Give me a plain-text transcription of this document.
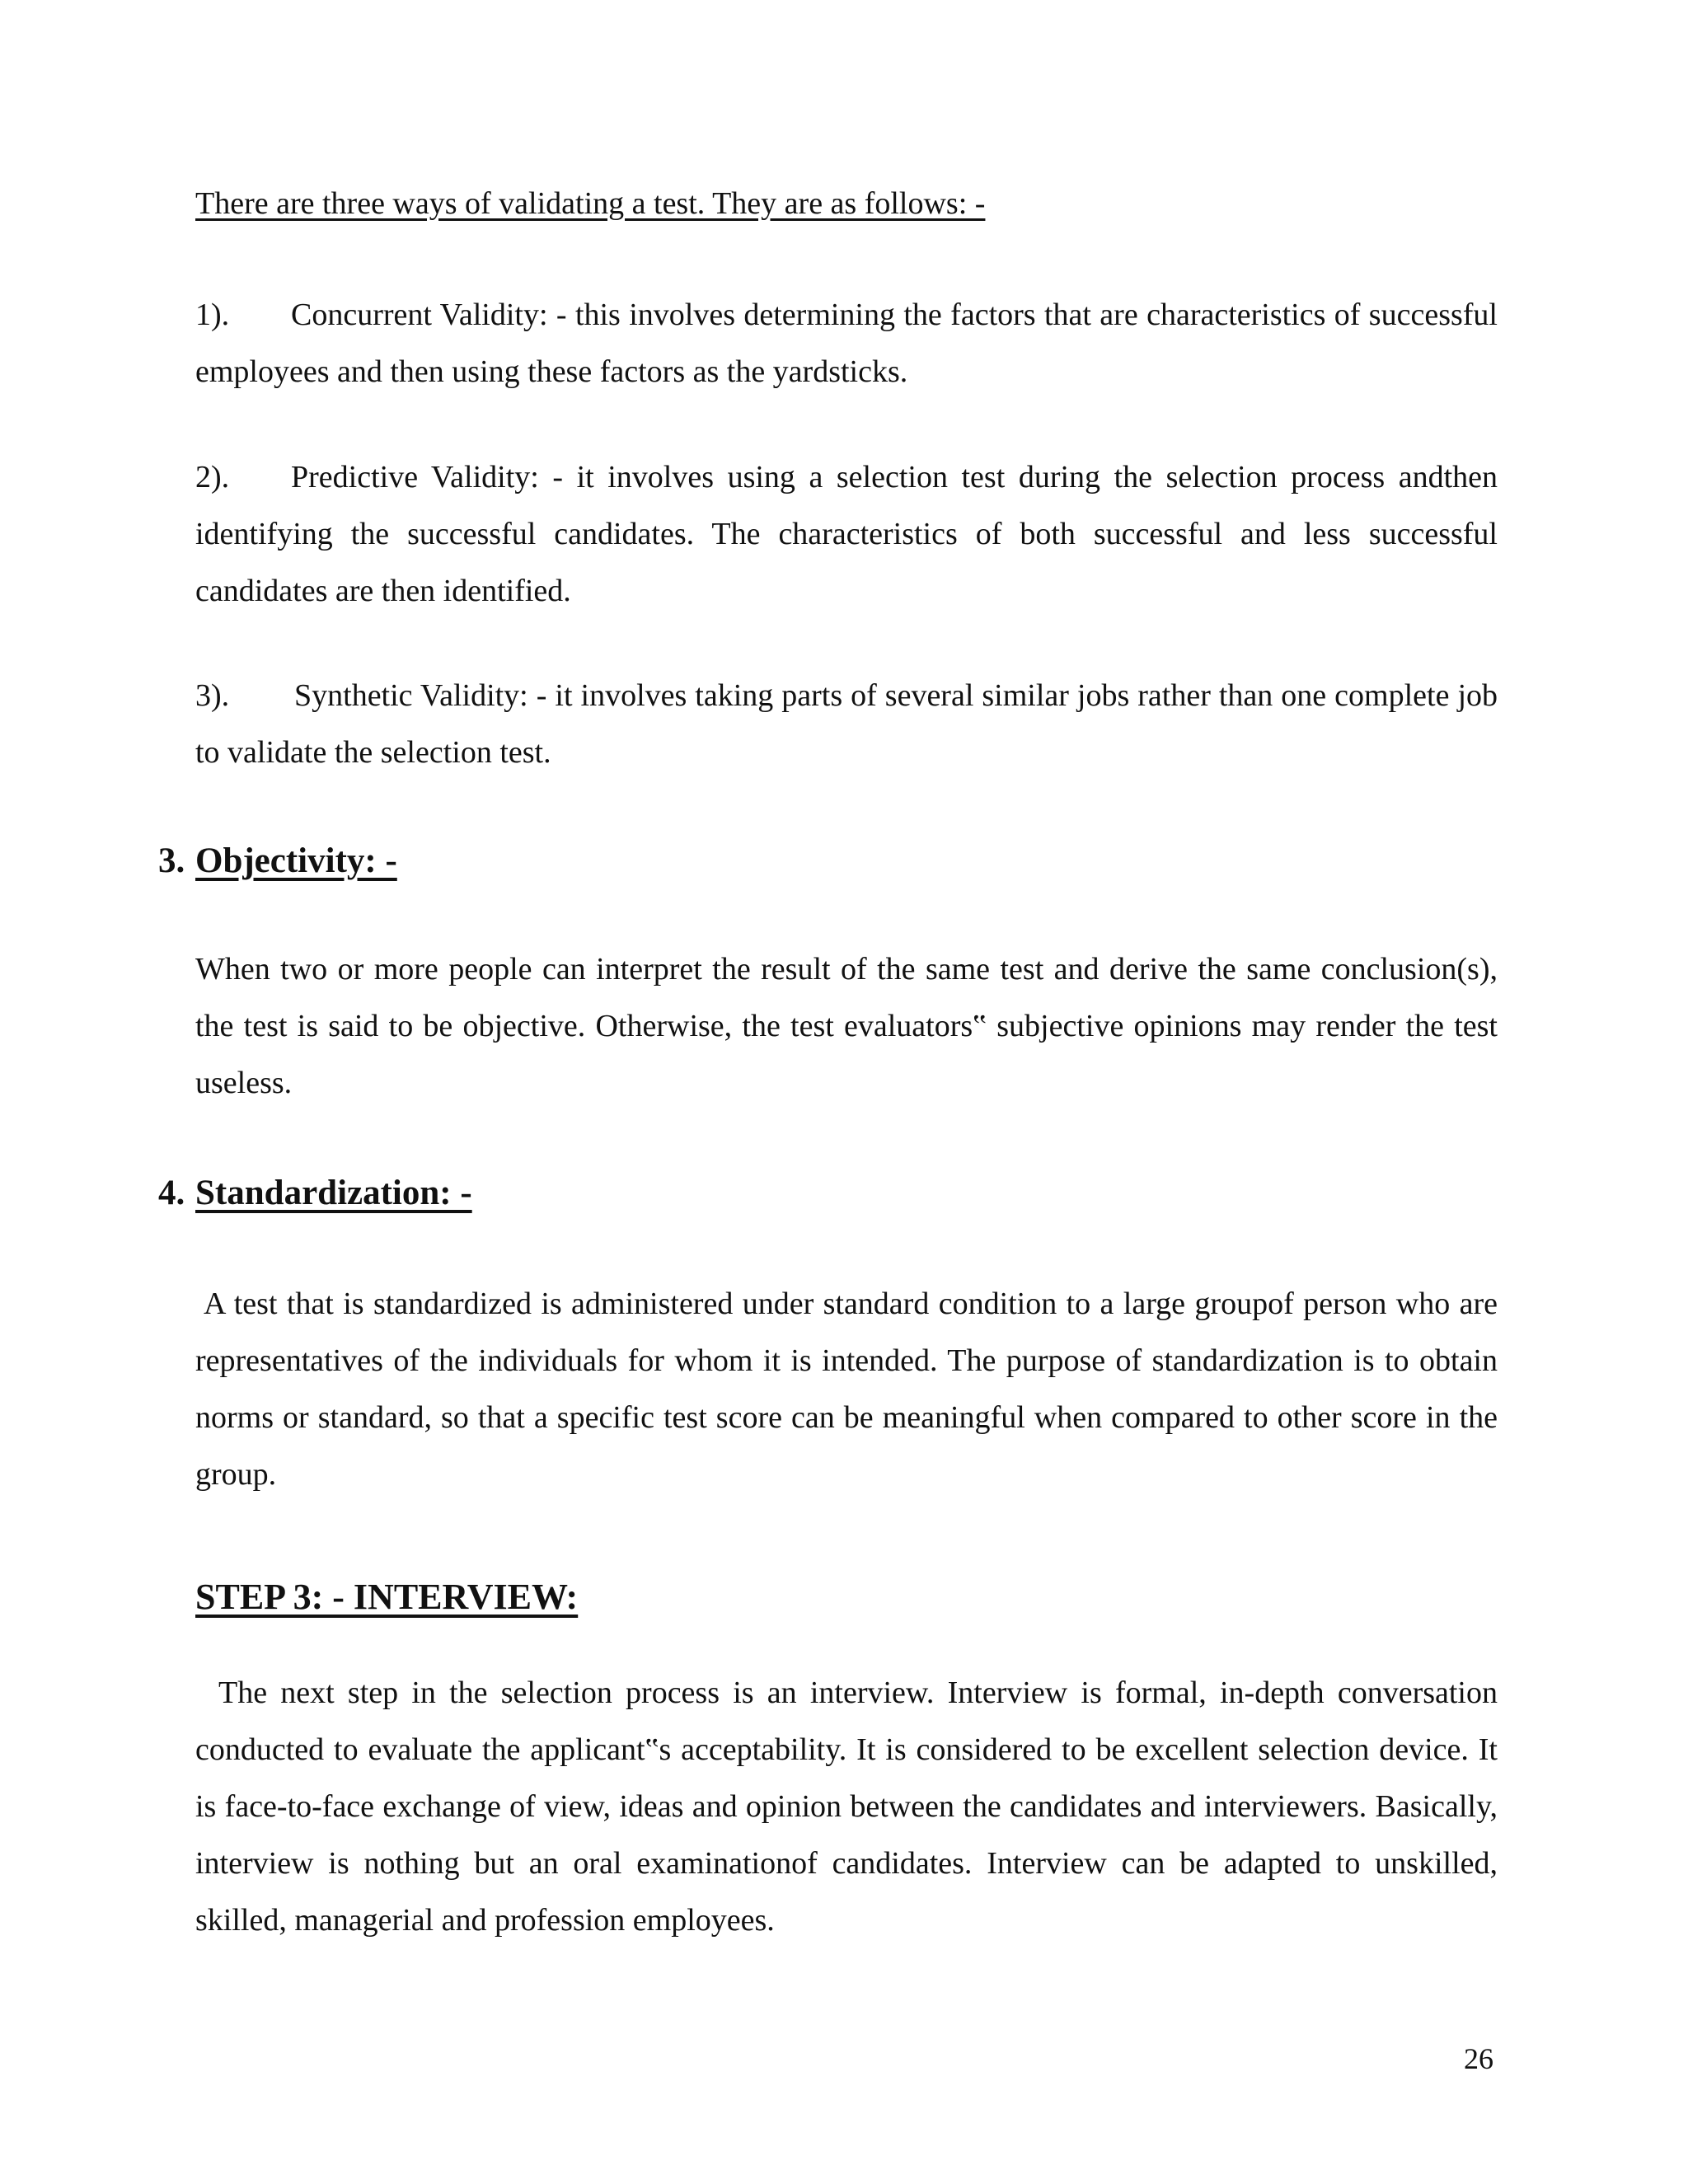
There are three ways of validating a test. They are as follows: -

1). Concurrent Validity: - this involves determining the factors that are characteristics of successful employees and then using these factors as the yardsticks.

2). Predictive Validity: - it involves using a selection test during the selection process andthen identifying the successful candidates. The characteristics of both successful and less successful candidates are then identified.

3). Synthetic Validity: - it involves taking parts of several similar jobs rather than one complete job to validate the selection test.

3. Objectivity: -

When two or more people can interpret the result of the same test and derive the same conclusion(s), the test is said to be objective. Otherwise, the test evaluators‟ subjective opinions may render the test useless.

4. Standardization: -

A test that is standardized is administered under standard condition to a large groupof person who are representatives of the individuals for whom it is intended. The purpose of standardization is to obtain norms or standard, so that a specific test score can be meaningful when compared to other score in the group.

STEP 3: - INTERVIEW:

The next step in the selection process is an interview. Interview is formal, in-depth conversation conducted to evaluate the applicant‟s acceptability. It is considered to be excellent selection device. It is face-to-face exchange of view, ideas and opinion between the candidates and interviewers. Basically, interview is nothing but an oral examinationof candidates. Interview can be adapted to unskilled, skilled, managerial and profession employees.

26
